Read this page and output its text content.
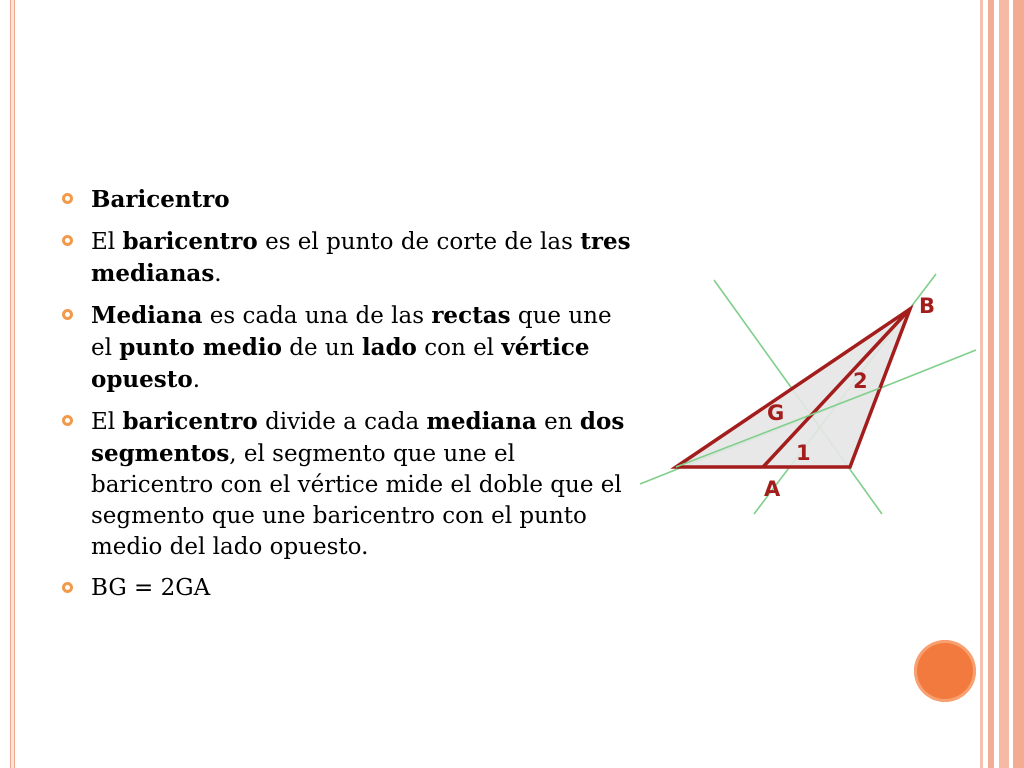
Baricentro
El baricentro es el punto de corte de las tres medianas.
Mediana es cada una de las rectas que une el punto medio de un lado con el vértice opuesto.
El baricentro divide a cada mediana en dos segmentos, el segmento que une el baricentro con el vértice mide el doble que el segmento que une baricentro con el punto medio del lado opuesto.
BG = 2GA
B
2
G
1
A
